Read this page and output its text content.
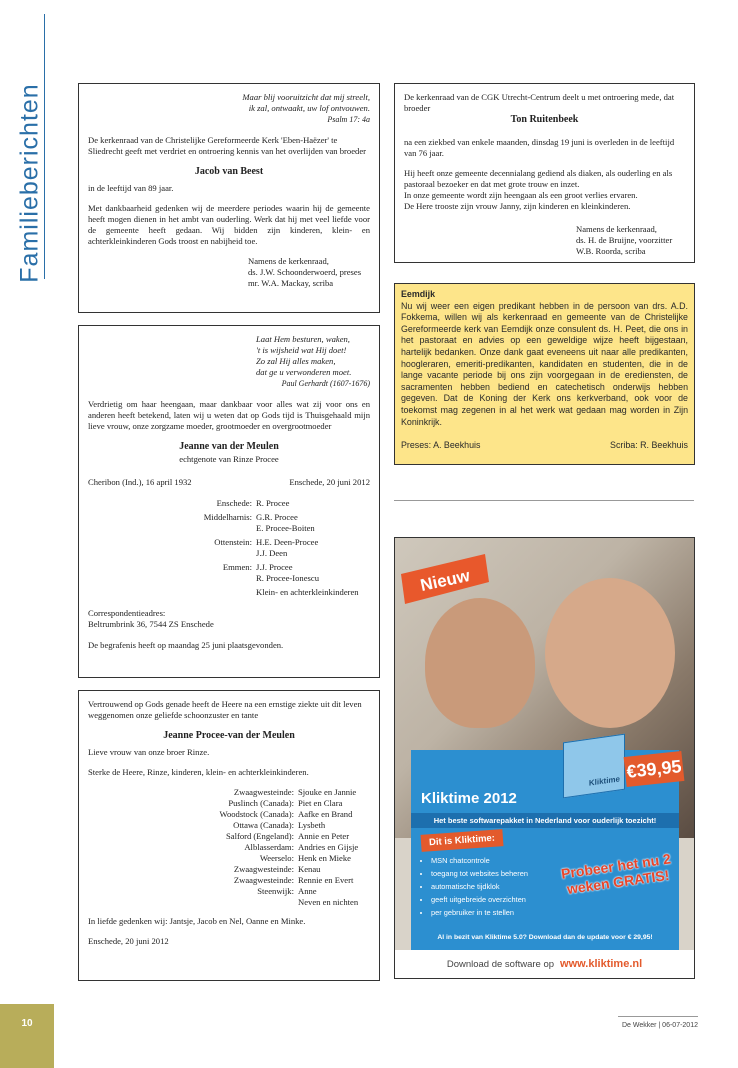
Familieberichten	Maar blij vooruitzicht dat mij streelt,
ik zal, ontwaakt, uw lof ontvouwen.
Psalm 17: 4a

De kerkenraad van de Christelijke Gereformeerde Kerk 'Eben-Haëzer' te Sliedrecht geeft met verdriet en ontroering kennis van het overlijden van broeder

Jacob van Beest

in de leeftijd van 89 jaar.

Met dankbaarheid gedenken wij de meerdere periodes waarin hij de gemeente heeft mogen dienen in het ambt van ouderling. Werk dat hij met veel liefde voor de gemeente heeft gedaan. Wij bidden zijn kinderen, klein- en achterkleinkinderen Gods troost en nabijheid toe.

Namens de kerkenraad,
ds. J.W. Schoonderwoerd, preses
mr. W.A. Mackay, scriba
Laat Hem besturen, waken,
't is wijsheid wat Hij doet!
Zo zal Hij alles maken,
dat ge u verwonderen moet.
Paul Gerhardt (1607-1676)

Verdrietig om haar heengaan, maar dankbaar voor alles wat zij voor ons en anderen heeft betekend, laten wij u weten dat op Gods tijd is Thuisgehaald mijn lieve vrouw, onze zorgzame moeder, grootmoeder en overgrootmoeder

Jeanne van der Meulen
echtgenote van Rinze Procee
Cheribon (Ind.), 16 april 1932	Enschede, 20 juni 2012
Enschede: R. Procee
Middelharnis: G.R. Procee
E. Procee-Boiten
Ottenstein: H.E. Deen-Procee
J.J. Deen
Emmen: J.J. Procee
R. Procee-Ionescu
Klein- en achterkleinkinderen
Correspondentieadres:
Beltrumbrink 36, 7544 ZS Enschede
De begrafenis heeft op maandag 25 juni plaatsgevonden.

Vertrouwend op Gods genade heeft de Heere na een ernstige ziekte uit dit leven weggenomen onze geliefde schoonzuster en tante

Jeanne Procee-van der Meulen

Lieve vrouw van onze broer Rinze.

Sterke de Heere, Rinze, kinderen, klein- en achterkleinkinderen.

Zwaagwesteinde: Sjouke en Jannie
Puslinch (Canada): Piet en Clara
Woodstock (Canada): Aafke en Brand
Ottawa (Canada): Lysbeth
Salford (Engeland): Annie en Peter
Alblasserdam: Andries en Gijsje
Weerselo: Henk en Mieke
Zwaagwesteinde: Kenau
Zwaagwesteinde: Rennie en Evert
Steenwijk: Anne
Neven en nichten

In liefde gedenken wij: Jantsje, Jacob en Nel, Oanne en Minke.

Enschede, 20 juni 2012
De kerkenraad van de CGK Utrecht-Centrum deelt u met ontroering mede, dat broeder
Ton Ruitenbeek

na een ziekbed van enkele maanden, dinsdag 19 juni is overleden in de leeftijd van 76 jaar.

Hij heeft onze gemeente decennialang gediend als diaken, als ouderling en als pastoraal bezoeker en dat met grote trouw en inzet.
In onze gemeente wordt zijn heengaan als een groot verlies ervaren.
De Here trooste zijn vrouw Janny, zijn kinderen en kleinkinderen.
Namens de kerkenraad,
ds. H. de Bruijne, voorzitter
W.B. Roorda, scriba
Eemdijk
Nu wij weer een eigen predikant hebben in de persoon van drs. A.D. Fokkema, willen wij als kerkenraad en gemeente van de Christelijke Gereformeerde kerk van Eemdijk onze consulent ds. H. Peet, die ons in het pastoraat en advies op een geweldige wijze heeft bijgestaan, hartelijk bedanken. Onze dank gaat eveneens uit naar alle predikanten, hoogleraren, emeriti-predikanten, kandidaten en studenten, die in de lange vacante periode bij ons zijn voorgegaan in de erediensten, de sacramenten hebben bediend en catechetisch onderwijs hebben gegeven. Dat de Koning der Kerk ons kerkverband, ook voor de toekomst mag zegenen in al het werk wat gedaan mag worden in Zijn Koninkrijk.
Preses: A. Beekhuis	Scriba: R. Beekhuis
Nieuw
Kliktime 2012
Het beste softwarepakket in Nederland voor ouderlijk toezicht!
Dit is Kliktime:
• MSN chatcontrole
• toegang tot websites beheren
• automatische tijdklok
• geeft uitgebreide overzichten
• per gebruiker in te stellen
Probeer het nu 2 weken GRATIS!
Al in bezit van Kliktime 5.0? Download dan de update voor € 29,95!
Kliktime €39,95
Download de software op www.kliktime.nl
10	De Wekker | 06-07-2012
